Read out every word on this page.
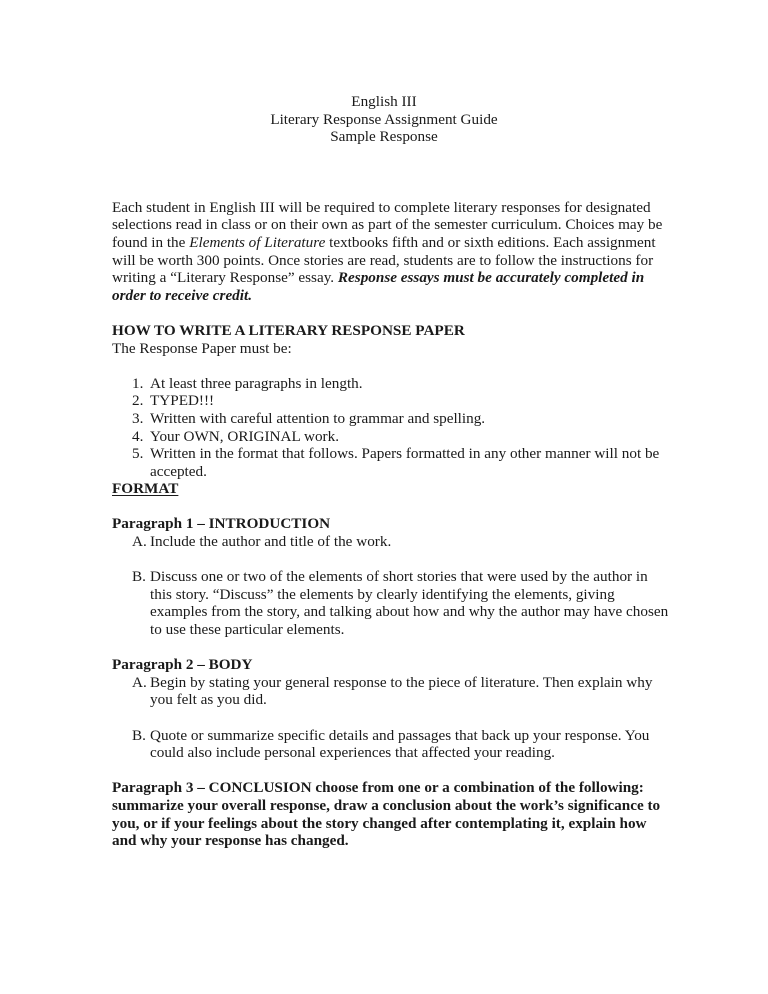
English III
Literary Response Assignment Guide
Sample Response

Each student in English III will be required to complete literary responses for designated selections read in class or on their own as part of the semester curriculum. Choices may be found in the Elements of Literature textbooks fifth and or sixth editions. Each assignment will be worth 300 points. Once stories are read, students are to follow the instructions for writing a “Literary Response” essay. Response essays must be accurately completed in order to receive credit.

HOW TO WRITE A LITERARY RESPONSE PAPER
The Response Paper must be:
1. At least three paragraphs in length.
2. TYPED!!!
3. Written with careful attention to grammar and spelling.
4. Your OWN, ORIGINAL work.
5. Written in the format that follows. Papers formatted in any other manner will not be accepted.
FORMAT
Paragraph 1 – INTRODUCTION
A. Include the author and title of the work.
B. Discuss one or two of the elements of short stories that were used by the author in this story. “Discuss” the elements by clearly identifying the elements, giving examples from the story, and talking about how and why the author may have chosen to use these particular elements.
Paragraph 2 – BODY
A. Begin by stating your general response to the piece of literature. Then explain why you felt as you did.
B. Quote or summarize specific details and passages that back up your response. You could also include personal experiences that affected your reading.
Paragraph 3 – CONCLUSION choose from one or a combination of the following: summarize your overall response, draw a conclusion about the work’s significance to you, or if your feelings about the story changed after contemplating it, explain how and why your response has changed.
